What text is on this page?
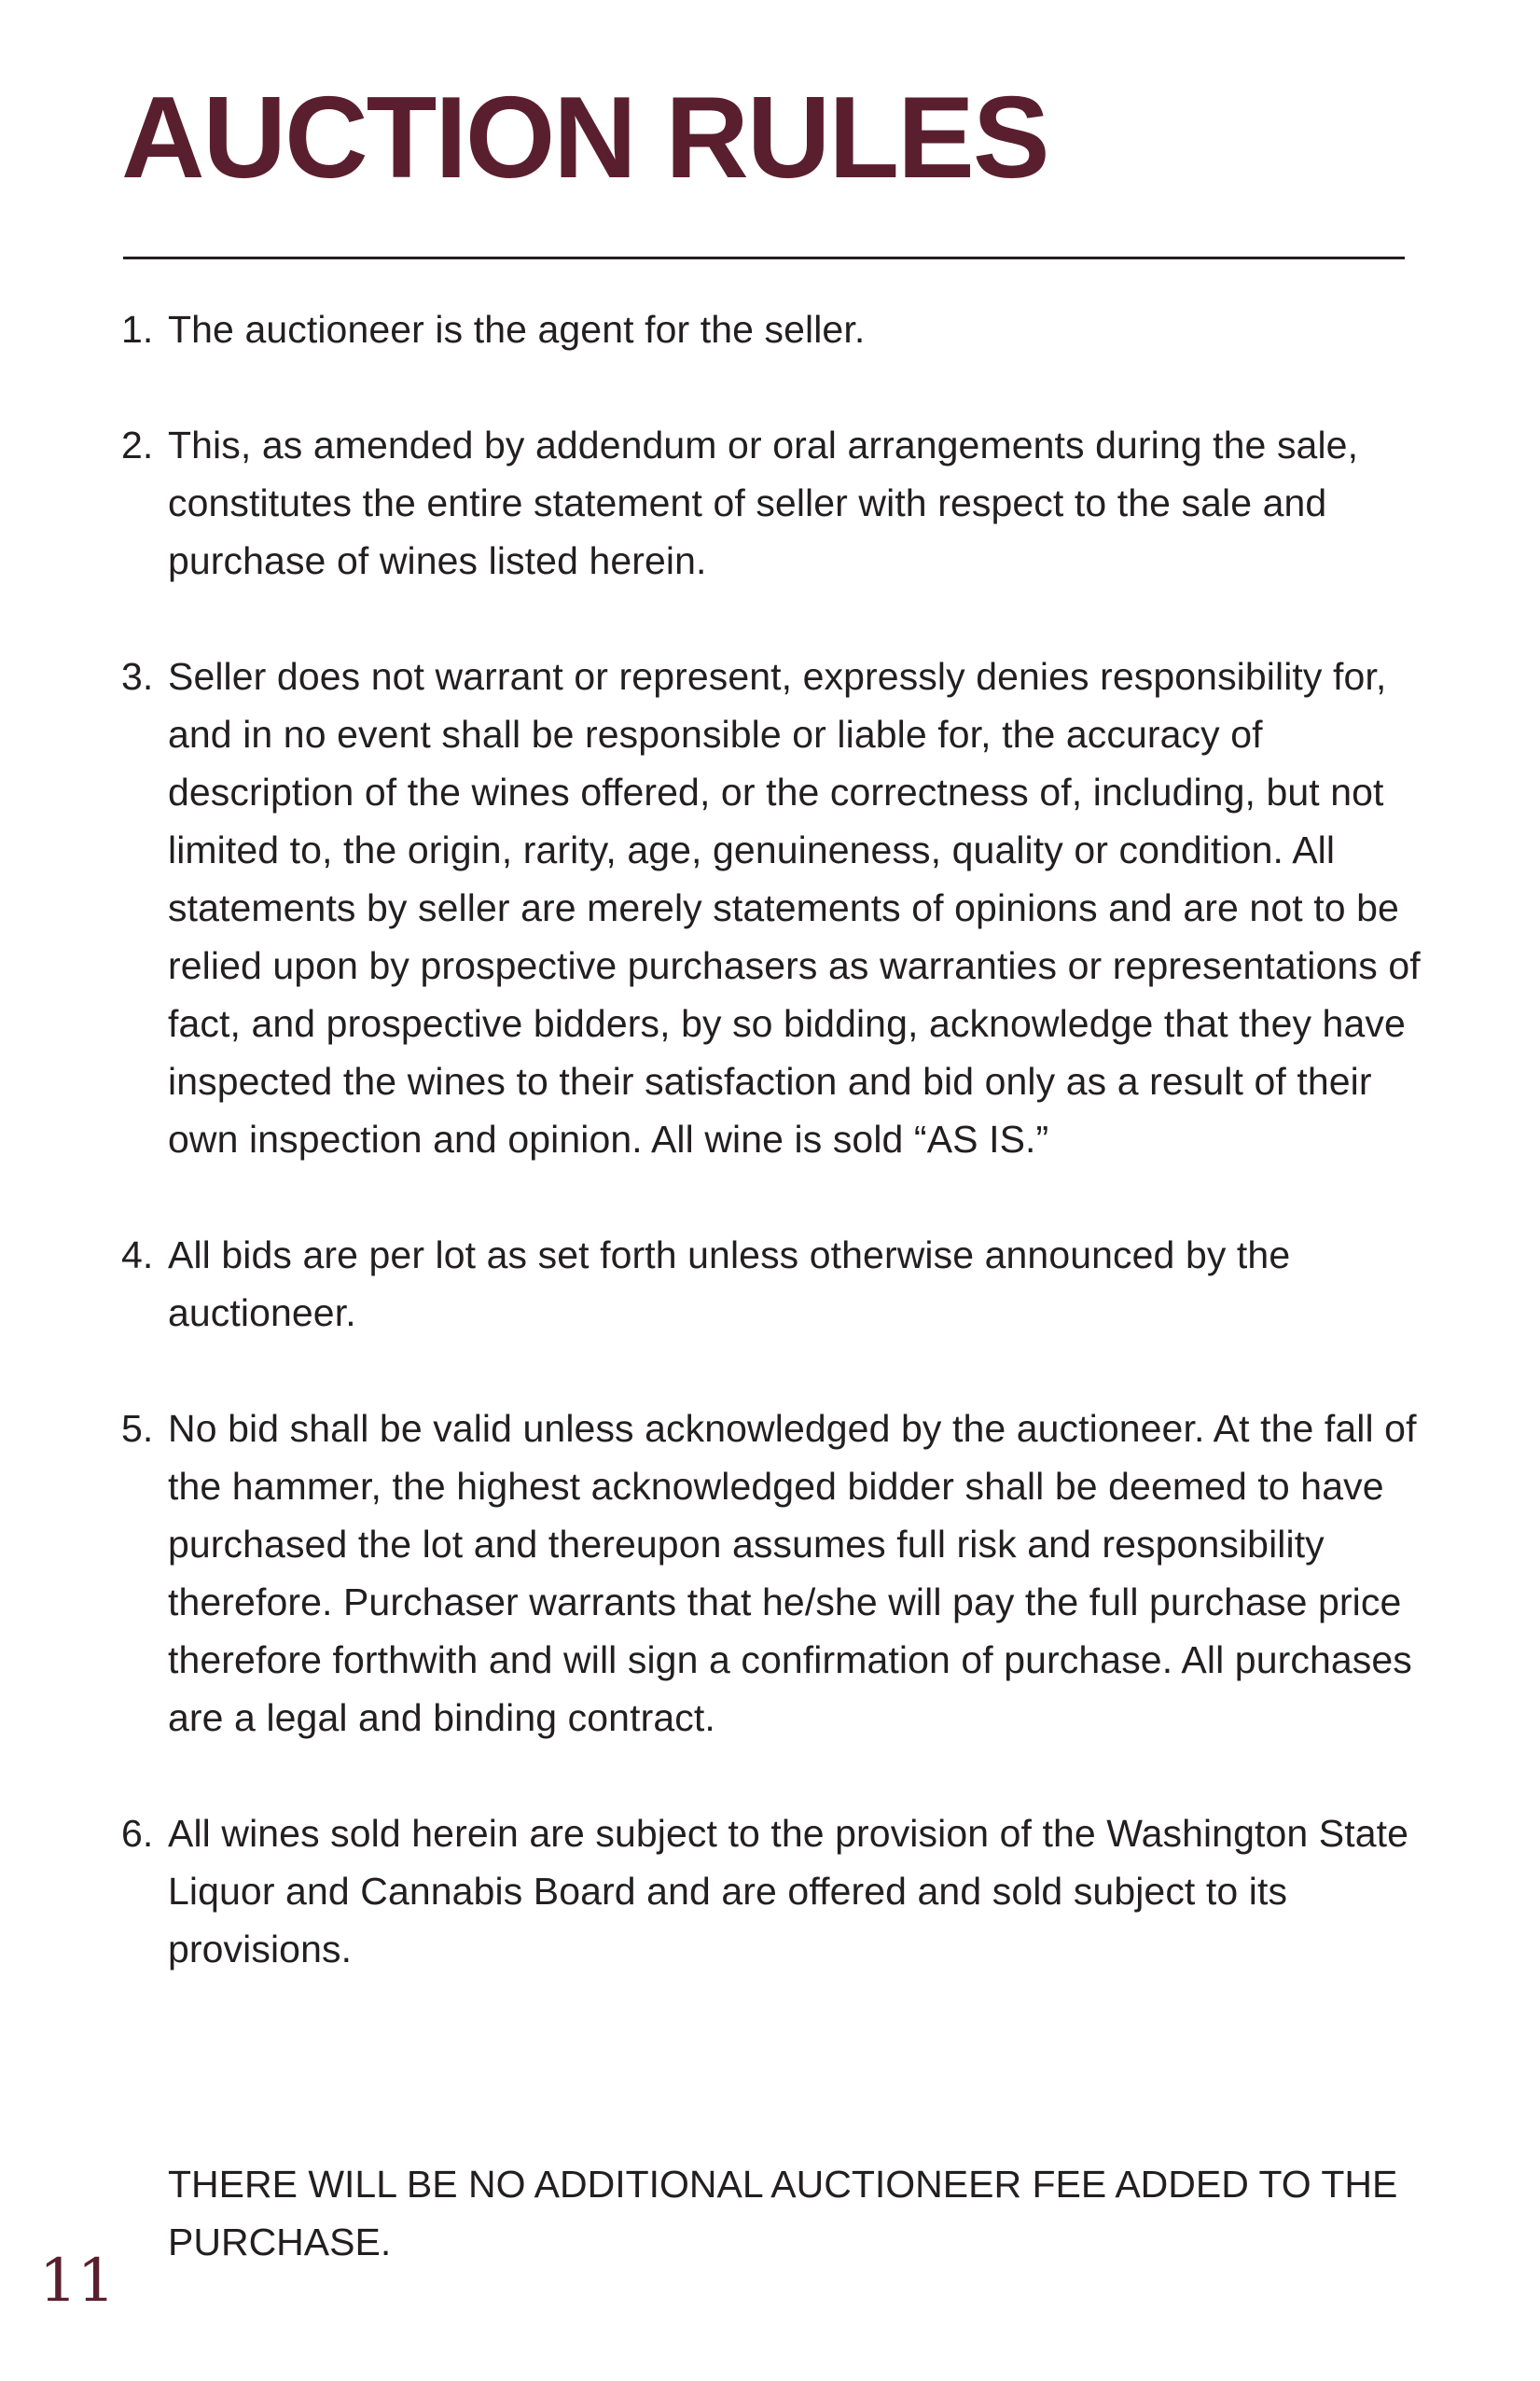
AUCTION RULES
1. The auctioneer is the agent for the seller.
2. This, as amended by addendum or oral arrangements during the sale, constitutes the entire statement of seller with respect to the sale and purchase of wines listed herein.
3. Seller does not warrant or represent, expressly denies responsibility for, and in no event shall be responsible or liable for, the accuracy of description of the wines offered, or the correctness of, including, but not limited to, the origin, rarity, age, genuineness, quality or condition. All statements by seller are merely statements of opinions and are not to be relied upon by prospective purchasers as warranties or representations of fact, and prospective bidders, by so bidding, acknowledge that they have inspected the wines to their satisfaction and bid only as a result of their own inspection and opinion. All wine is sold “AS IS.”
4. All bids are per lot as set forth unless otherwise announced by the auctioneer.
5. No bid shall be valid unless acknowledged by the auctioneer. At the fall of the hammer, the highest acknowledged bidder shall be deemed to have purchased the lot and thereupon assumes full risk and responsibility therefore. Purchaser warrants that he/she will pay the full purchase price therefore forthwith and will sign a confirmation of purchase. All purchases are a legal and binding contract.
6. All wines sold herein are subject to the provision of the Washington State Liquor and Cannabis Board and are offered and sold subject to its provisions.

THERE WILL BE NO ADDITIONAL AUCTIONEER FEE ADDED TO THE PURCHASE.

11
